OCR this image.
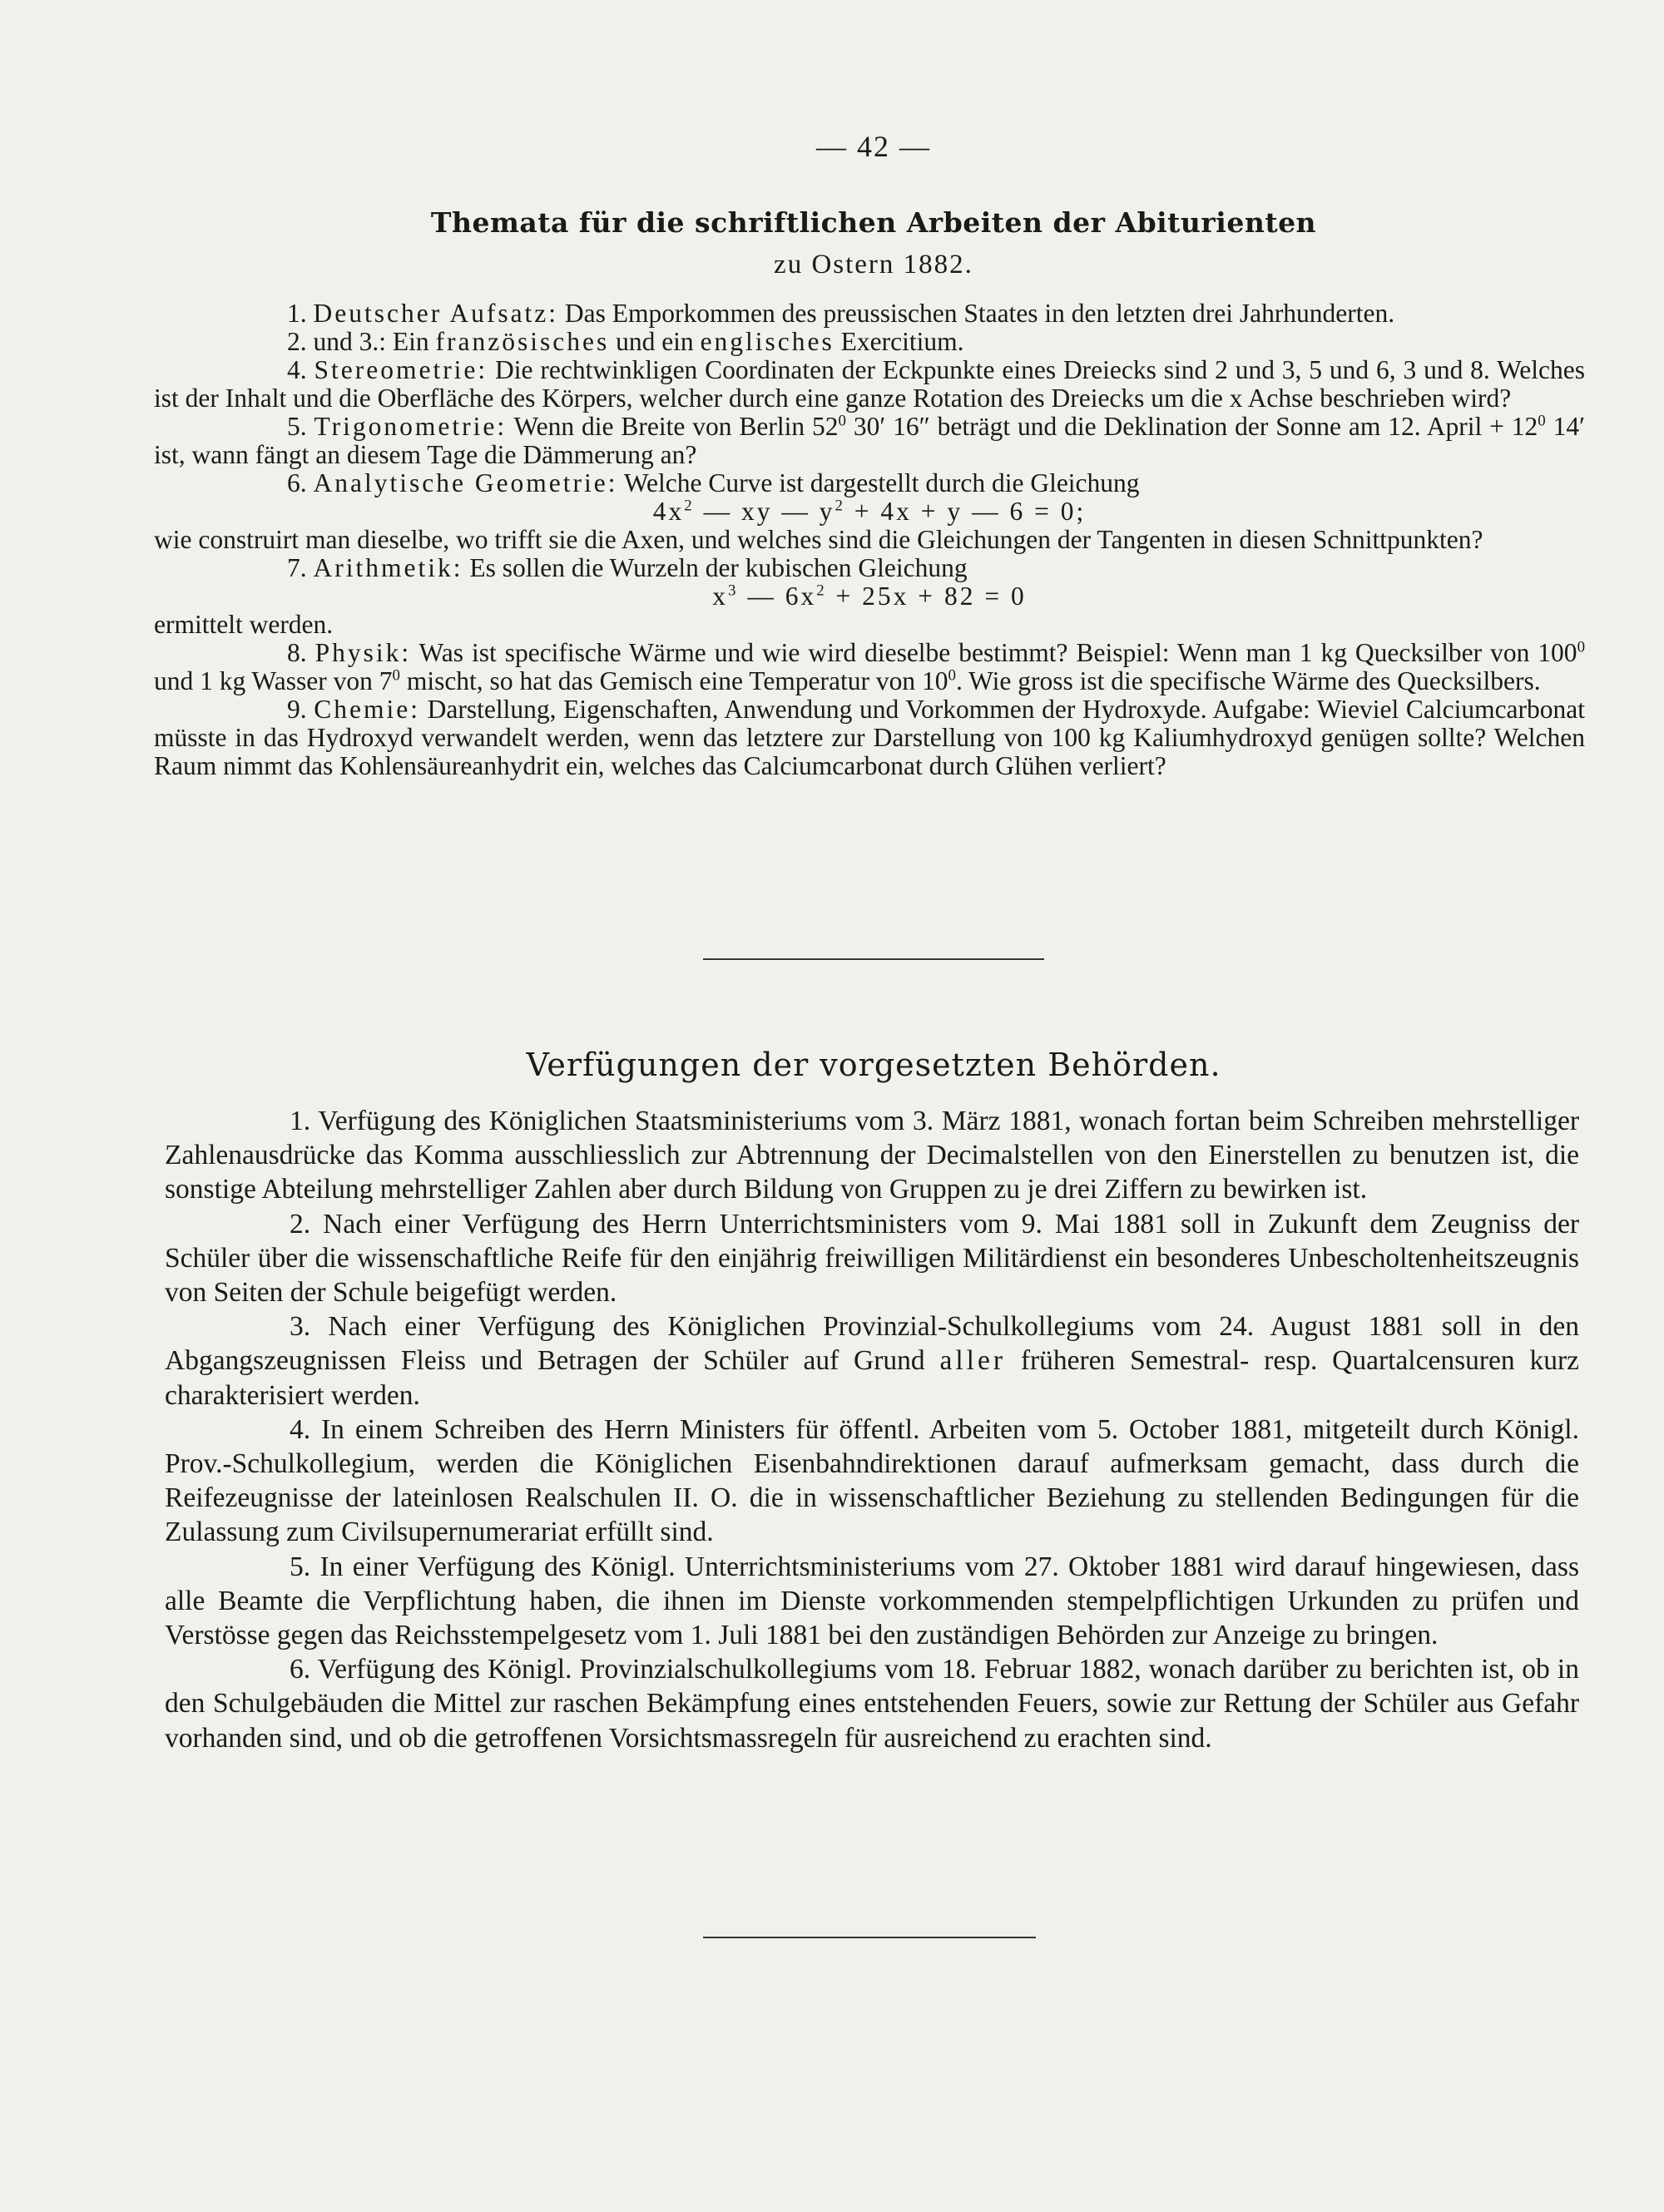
— 42 —
Themata für die schriftlichen Arbeiten der Abiturienten
zu Ostern 1882.

1. Deutscher Aufsatz: Das Emporkommen des preussischen Staates in den letzten drei Jahrhunderten.

2. und 3.: Ein französisches und ein englisches Exercitium.

4. Stereometrie: Die rechtwinkligen Coordinaten der Eckpunkte eines Dreiecks sind 2 und 3, 5 und 6, 3 und 8. Welches ist der Inhalt und die Oberfläche des Körpers, welcher durch eine ganze Rotation des Dreiecks um die x Achse beschrieben wird?

5. Trigonometrie: Wenn die Breite von Berlin $52^0$ 30′ 16″ beträgt und die Deklination der Sonne am 12. April + $12^0$ 14′ ist, wann fängt an diesem Tage die Dämmerung an?

6. Analytische Geometrie: Welche Curve ist dargestellt durch die Gleichung

$4x^2$ — xy — $y^2 + 4x + y$ — 6 = 0;

wie construirt man dieselbe, wo trifft sie die Axen, und welches sind die Gleichungen der Tangenten in diesen Schnittpunkten?

7. Arithmetik: Es sollen die Wurzeln der kubischen Gleichung

$x^3$ — $6x^2 + 25x + 82 = 0$

ermittelt werden.

8. Physik: Was ist specifische Wärme und wie wird dieselbe bestimmt? Beispiel: Wenn man 1 kg Quecksilber von $100^0$ und 1 kg Wasser von $7^0$ mischt, so hat das Gemisch eine Temperatur von $10^0$. Wie gross ist die specifische Wärme des Quecksilbers.

9. Chemie: Darstellung, Eigenschaften, Anwendung und Vorkommen der Hydroxyde. Aufgabe: Wieviel Calciumcarbonat müsste in das Hydroxyd verwandelt werden, wenn das letztere zur Darstellung von 100 kg Kaliumhydroxyd genügen sollte? Welchen Raum nimmt das Kohlensäureanhydrit ein, welches das Calciumcarbonat durch Glühen verliert?

Verfügungen der vorgesetzten Behörden.

1. Verfügung des Königlichen Staatsministeriums vom 3. März 1881, wonach fortan beim Schreiben mehrstelliger Zahlenausdrücke das Komma ausschliesslich zur Abtrennung der Decimalstellen von den Einerstellen zu benutzen ist, die sonstige Abteilung mehrstelliger Zahlen aber durch Bildung von Gruppen zu je drei Ziffern zu bewirken ist.

2. Nach einer Verfügung des Herrn Unterrichtsministers vom 9. Mai 1881 soll in Zukunft dem Zeugniss der Schüler über die wissenschaftliche Reife für den einjährig freiwilligen Militärdienst ein besonderes Unbescholtenheitszeugnis von Seiten der Schule beigefügt werden.

3. Nach einer Verfügung des Königlichen Provinzial-Schulkollegiums vom 24. August 1881 soll in den Abgangszeugnissen Fleiss und Betragen der Schüler auf Grund aller früheren Semestral- resp. Quartalcensuren kurz charakterisiert werden.

4. In einem Schreiben des Herrn Ministers für öffentl. Arbeiten vom 5. October 1881, mitgeteilt durch Königl. Prov.-Schulkollegium, werden die Königlichen Eisenbahndirektionen darauf aufmerksam gemacht, dass durch die Reifezeugnisse der lateinlosen Realschulen II. O. die in wissenschaftlicher Beziehung zu stellenden Bedingungen für die Zulassung zum Civilsupernumerariat erfüllt sind.

5. In einer Verfügung des Königl. Unterrichtsministeriums vom 27. Oktober 1881 wird darauf hingewiesen, dass alle Beamte die Verpflichtung haben, die ihnen im Dienste vorkommenden stempelpflichtigen Urkunden zu prüfen und Verstösse gegen das Reichsstempelgesetz vom 1. Juli 1881 bei den zuständigen Behörden zur Anzeige zu bringen.

6. Verfügung des Königl. Provinzialschulkollegiums vom 18. Februar 1882, wonach darüber zu berichten ist, ob in den Schulgebäuden die Mittel zur raschen Bekämpfung eines entstehenden Feuers, sowie zur Rettung der Schüler aus Gefahr vorhanden sind, und ob die getroffenen Vorsichtsmassregeln für ausreichend zu erachten sind.
